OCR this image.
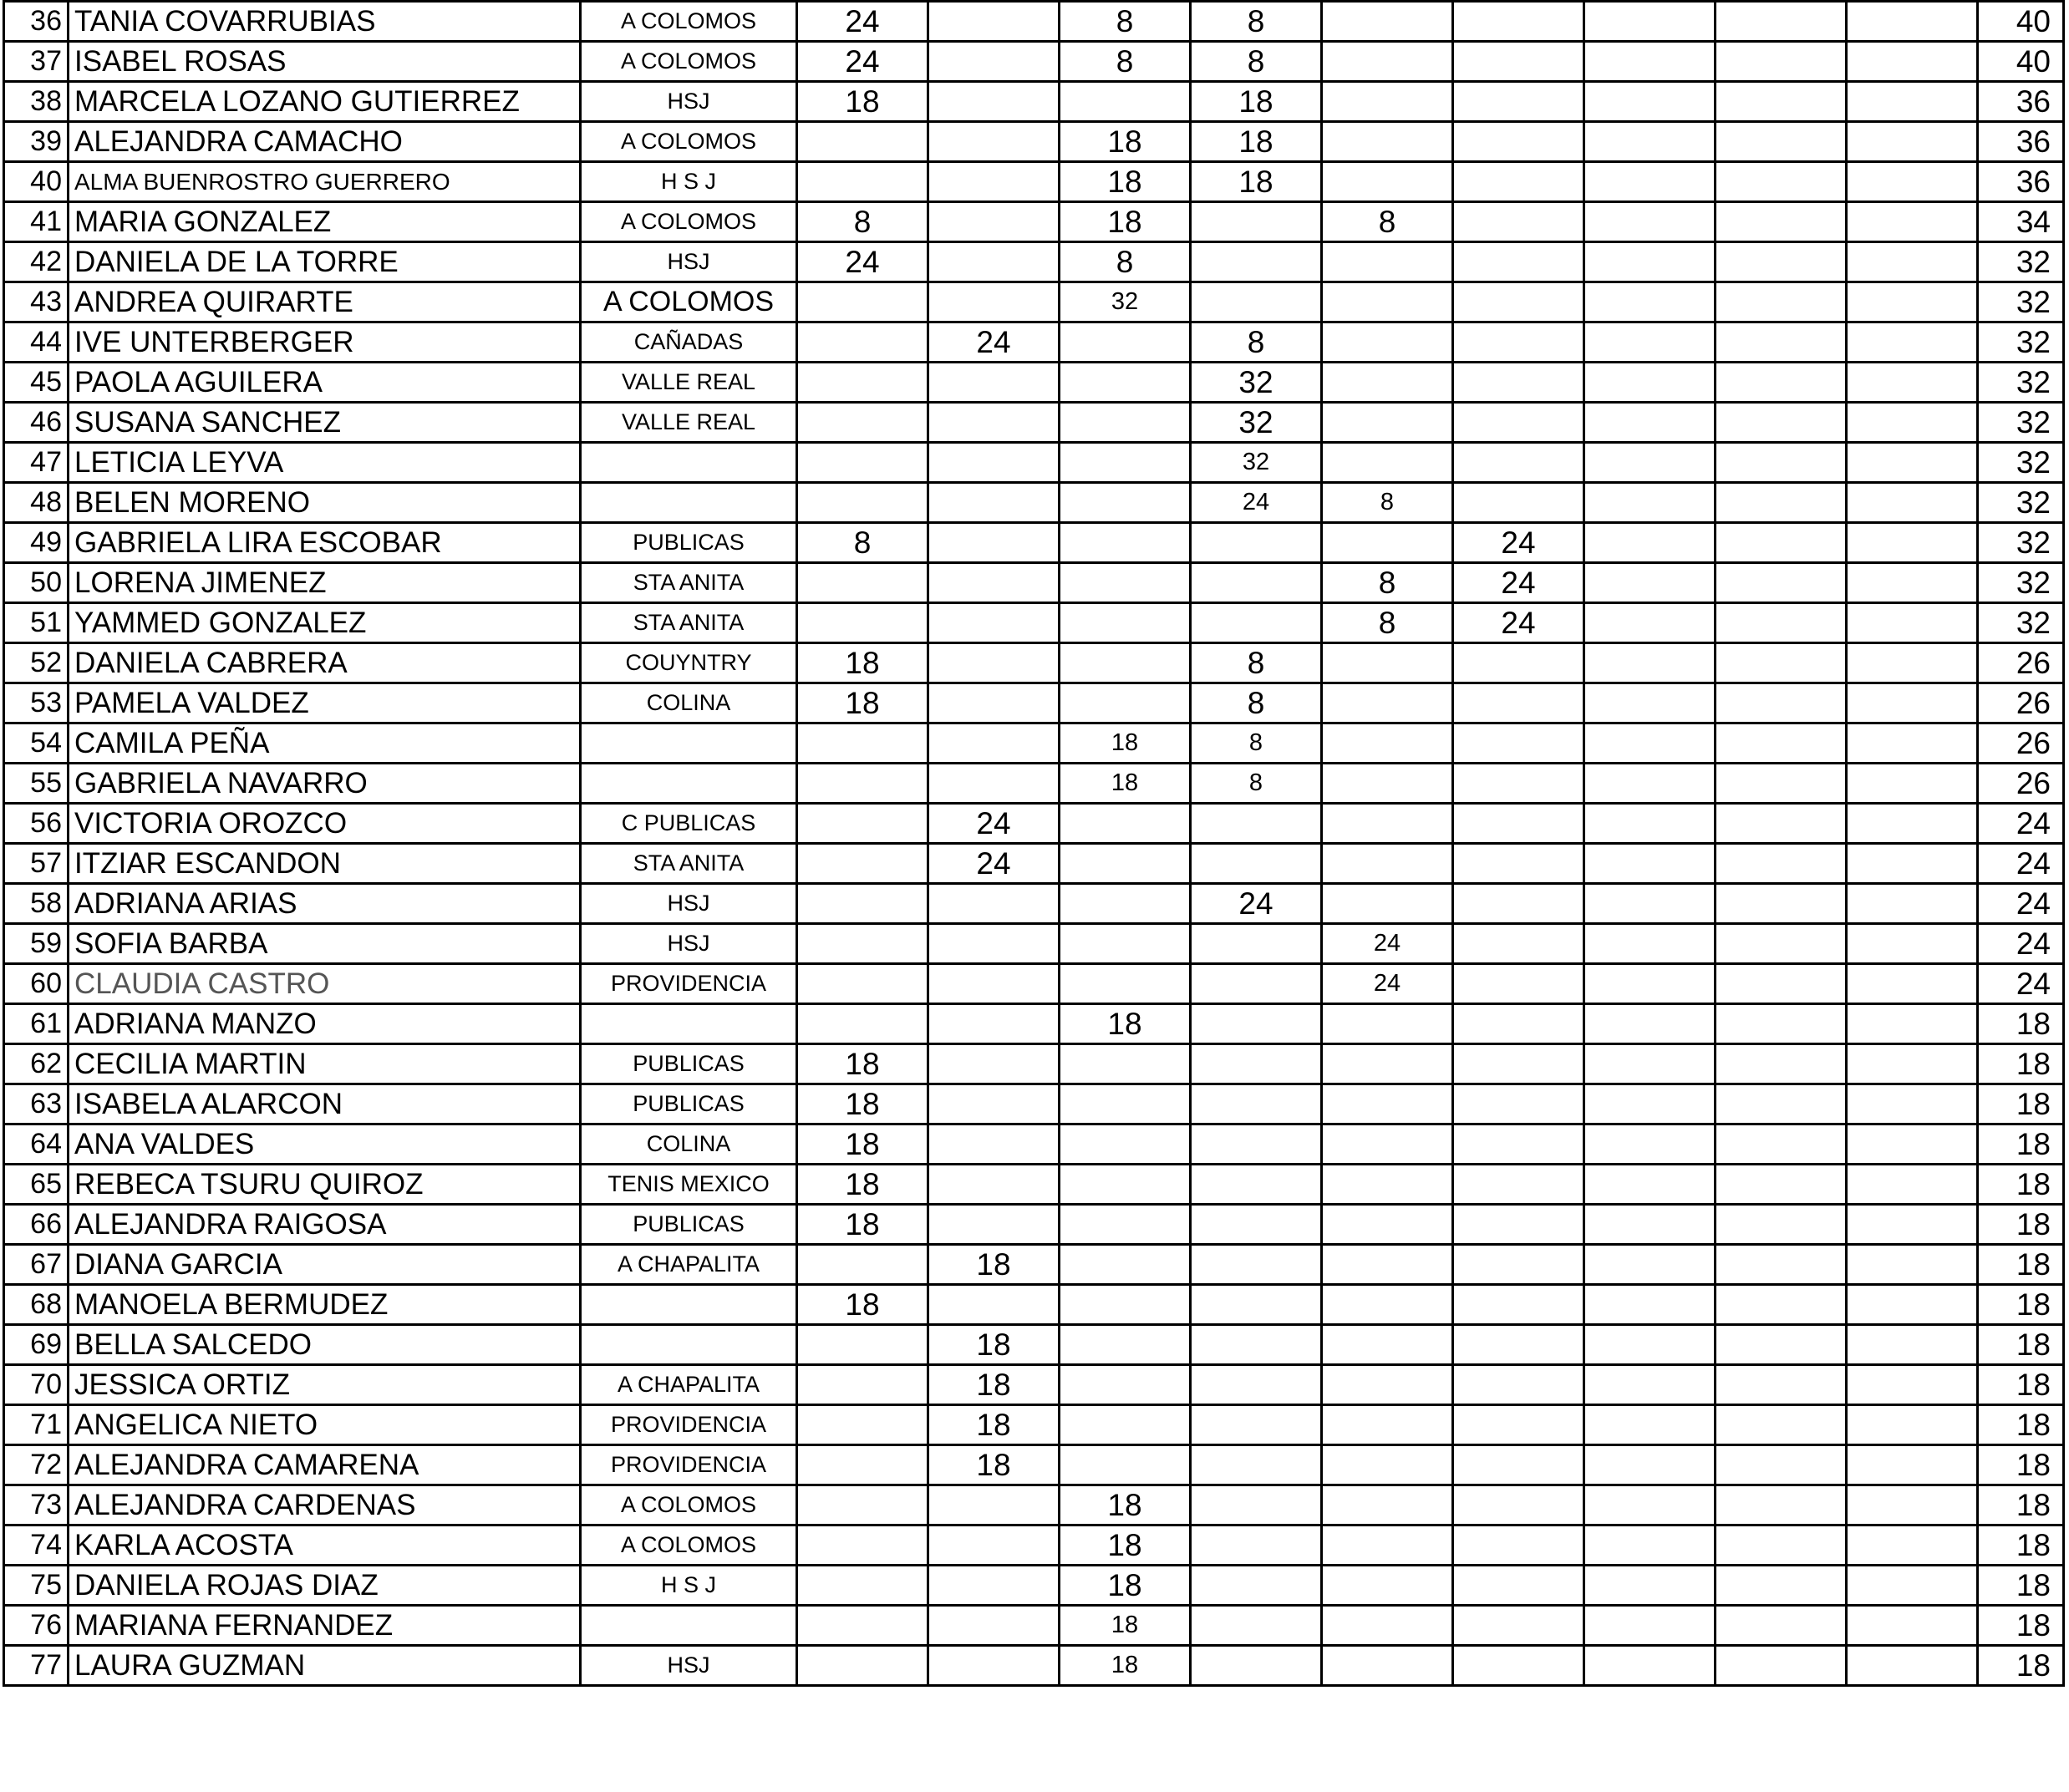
36	TANIA COVARRUBIAS	A COLOMOS	24		8	8						40
37	ISABEL ROSAS	A COLOMOS	24		8	8						40
38	MARCELA LOZANO GUTIERREZ	HSJ	18			18						36
39	ALEJANDRA CAMACHO	A COLOMOS			18	18						36
40	ALMA BUENROSTRO GUERRERO	H S J			18	18						36
41	MARIA GONZALEZ	A COLOMOS	8		18		8					34
42	DANIELA DE LA TORRE	HSJ	24		8							32
43	ANDREA QUIRARTE	A COLOMOS			32							32
44	IVE UNTERBERGER	CAÑADAS		24		8						32
45	PAOLA AGUILERA	VALLE REAL				32						32
46	SUSANA SANCHEZ	VALLE REAL				32						32
47	LETICIA LEYVA					32						32
48	BELEN MORENO					24	8					32
49	GABRIELA LIRA ESCOBAR	PUBLICAS	8					24				32
50	LORENA JIMENEZ	STA ANITA					8	24				32
51	YAMMED GONZALEZ	STA ANITA					8	24				32
52	DANIELA CABRERA	COUYNTRY	18			8						26
53	PAMELA VALDEZ	COLINA	18			8						26
54	CAMILA PEÑA				18	8						26
55	GABRIELA NAVARRO				18	8						26
56	VICTORIA OROZCO	C PUBLICAS		24								24
57	ITZIAR ESCANDON	STA ANITA		24								24
58	ADRIANA ARIAS	HSJ				24						24
59	SOFIA BARBA	HSJ					24					24
60	CLAUDIA CASTRO	PROVIDENCIA					24					24
61	ADRIANA MANZO				18							18
62	CECILIA MARTIN	PUBLICAS	18									18
63	ISABELA ALARCON	PUBLICAS	18									18
64	ANA VALDES	COLINA	18									18
65	REBECA TSURU QUIROZ	TENIS MEXICO	18									18
66	ALEJANDRA RAIGOSA	PUBLICAS	18									18
67	DIANA GARCIA	A CHAPALITA		18								18
68	MANOELA BERMUDEZ		18									18
69	BELLA SALCEDO			18								18
70	JESSICA ORTIZ	A CHAPALITA		18								18
71	ANGELICA NIETO	PROVIDENCIA		18								18
72	ALEJANDRA CAMARENA	PROVIDENCIA		18								18
73	ALEJANDRA CARDENAS	A COLOMOS			18							18
74	KARLA ACOSTA	A COLOMOS			18							18
75	DANIELA ROJAS DIAZ	H S J			18							18
76	MARIANA FERNANDEZ				18							18
77	LAURA GUZMAN	HSJ			18							18
